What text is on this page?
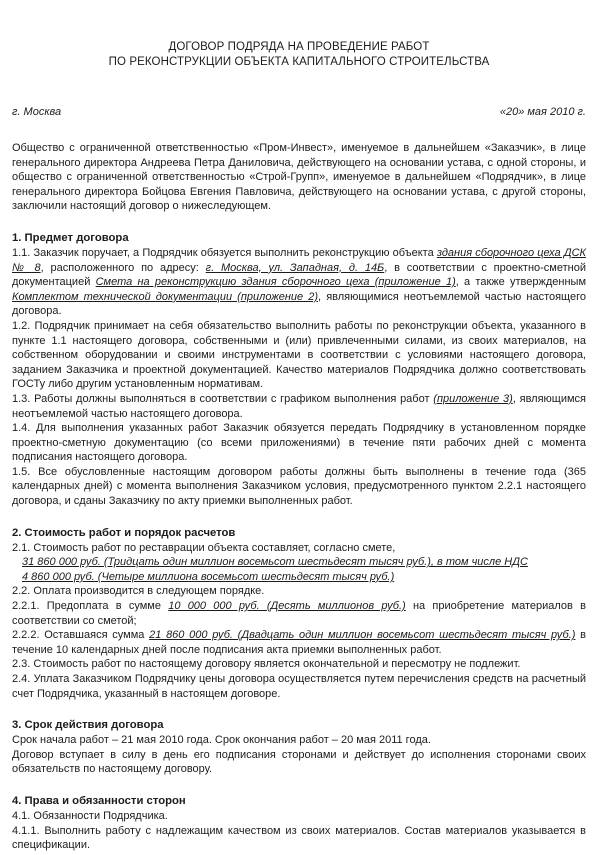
ДОГОВОР ПОДРЯДА НА ПРОВЕДЕНИЕ РАБОТ
ПО РЕКОНСТРУКЦИИ ОБЪЕКТА КАПИТАЛЬНОГО СТРОИТЕЛЬСТВА
г. Москва	«20» мая 2010 г.
Общество с ограниченной ответственностью «Пром-Инвест», именуемое в дальнейшем «Заказчик», в лице генерального директора Андреева Петра Даниловича, действующего на основании устава, с одной стороны, и общество с ограниченной ответственностью «Строй-Групп», именуемое в дальнейшем «Подрядчик», в лице генерального директора Бойцова Евгения Павловича, действующего на основании устава, с другой стороны, заключили настоящий договор о нижеследующем.
1. Предмет договора
1.1. Заказчик поручает, а Подрядчик обязуется выполнить реконструкцию объекта здания сборочного цеха ДСК № 8, расположенного по адресу: г. Москва, ул. Западная, д. 14Б, в соответствии с проектно-сметной документацией Смета на реконструкцию здания сборочного цеха (приложение 1), а также утвержденным Комплектом технической документации (приложение 2), являющимися неотъемлемой частью настоящего договора.
1.2. Подрядчик принимает на себя обязательство выполнить работы по реконструкции объекта, указанного в пункте 1.1 настоящего договора, собственными и (или) привлеченными силами, из своих материалов, на собственном оборудовании и своими инструментами в соответствии с условиями настоящего договора, заданием Заказчика и проектной документацией. Качество материалов Подрядчика должно соответствовать ГОСТу либо другим установленным нормативам.
1.3. Работы должны выполняться в соответствии с графиком выполнения работ (приложение 3), являющимся неотъемлемой частью настоящего договора.
1.4. Для выполнения указанных работ Заказчик обязуется передать Подрядчику в установленном порядке проектно-сметную документацию (со всеми приложениями) в течение пяти рабочих дней с момента подписания настоящего договора.
1.5. Все обусловленные настоящим договором работы должны быть выполнены в течение года (365 календарных дней) с момента выполнения Заказчиком условия, предусмотренного пунктом 2.2.1 настоящего договора, и сданы Заказчику по акту приемки выполненных работ.
2. Стоимость работ и порядок расчетов
2.1. Стоимость работ по реставрации объекта составляет, согласно смете,
31 860 000 руб. (Тридцать один миллион восемьсот шестьдесят тысяч руб.), в том числе НДС
4 860 000 руб. (Четыре миллиона восемьсот шестьдесят тысяч руб.)
2.2. Оплата производится в следующем порядке.
2.2.1. Предоплата в сумме 10 000 000 руб. (Десять миллионов руб.) на приобретение материалов в соответствии со сметой;
2.2.2. Оставшаяся сумма 21 860 000 руб. (Двадцать один миллион восемьсот шестьдесят тысяч руб.) в течение 10 календарных дней после подписания акта приемки выполненных работ.
2.3. Стоимость работ по настоящему договору является окончательной и пересмотру не подлежит.
2.4. Уплата Заказчиком Подрядчику цены договора осуществляется путем перечисления средств на расчетный счет Подрядчика, указанный в настоящем договоре.
3. Срок действия договора
Срок начала работ – 21 мая 2010 года. Срок окончания работ – 20 мая 2011 года.
Договор вступает в силу в день его подписания сторонами и действует до исполнения сторонами своих обязательств по настоящему договору.
4. Права и обязанности сторон
4.1. Обязанности Подрядчика.
4.1.1. Выполнить работу с надлежащим качеством из своих материалов. Состав материалов указывается в спецификации.
